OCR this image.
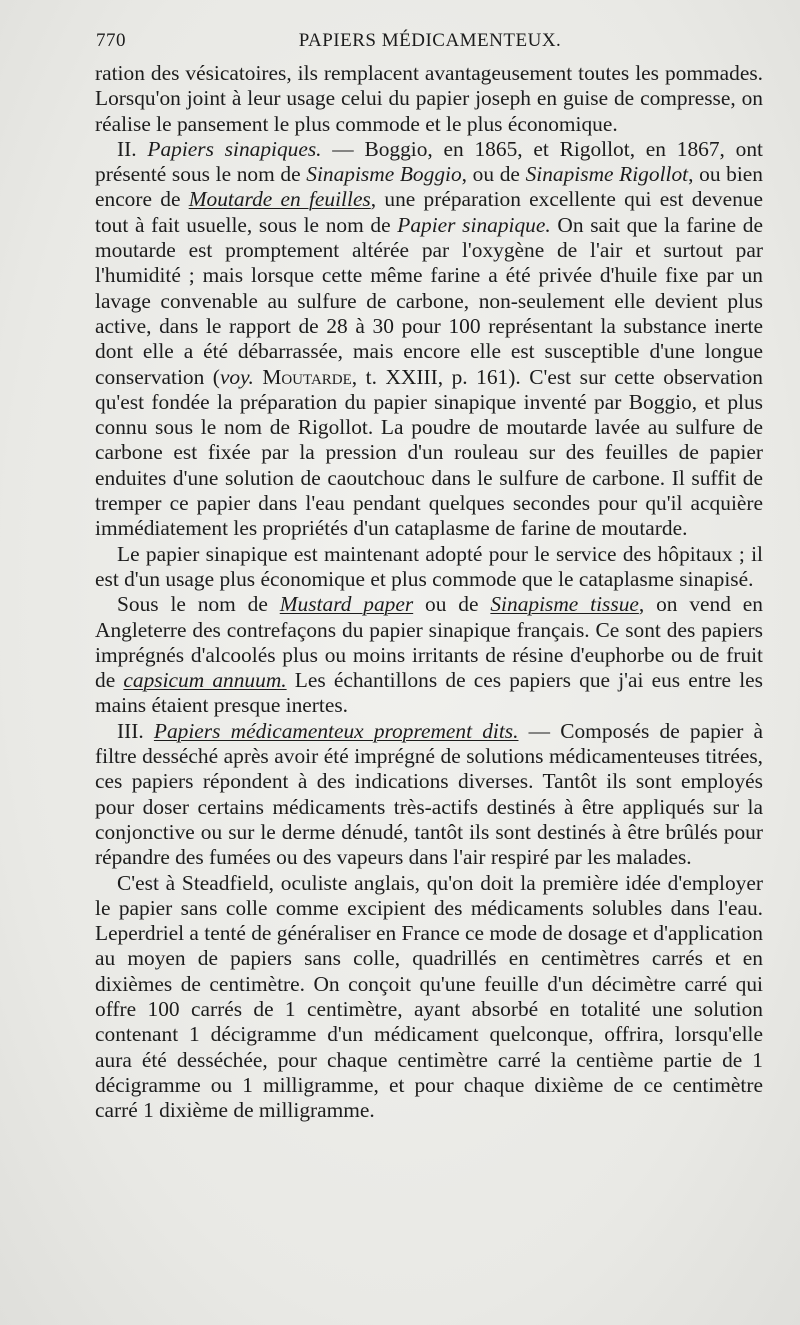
770	PAPIERS MÉDICAMENTEUX.

ration des vésicatoires, ils remplacent avantageusement toutes les pommades. Lorsqu'on joint à leur usage celui du papier joseph en guise de compresse, on réalise le pansement le plus commode et le plus économique.

II. Papiers sinapiques. — Boggio, en 1865, et Rigollot, en 1867, ont présenté sous le nom de Sinapisme Boggio, ou de Sinapisme Rigollot, ou bien encore de Moutarde en feuilles, une préparation excellente qui est devenue tout à fait usuelle, sous le nom de Papier sinapique. On sait que la farine de moutarde est promptement altérée par l'oxygène de l'air et surtout par l'humidité ; mais lorsque cette même farine a été privée d'huile fixe par un lavage convenable au sulfure de carbone, non-seulement elle devient plus active, dans le rapport de 28 à 30 pour 100 représentant la substance inerte dont elle a été débarrassée, mais encore elle est susceptible d'une longue conservation (voy. Moutarde, t. XXIII, p. 161). C'est sur cette observation qu'est fondée la préparation du papier sinapique inventé par Boggio, et plus connu sous le nom de Rigollot. La poudre de moutarde lavée au sulfure de carbone est fixée par la pression d'un rouleau sur des feuilles de papier enduites d'une solution de caoutchouc dans le sulfure de carbone. Il suffit de tremper ce papier dans l'eau pendant quelques secondes pour qu'il acquière immédiatement les propriétés d'un cataplasme de farine de moutarde.

Le papier sinapique est maintenant adopté pour le service des hôpitaux ; il est d'un usage plus économique et plus commode que le cataplasme sinapisé.

Sous le nom de Mustard paper ou de Sinapisme tissue, on vend en Angleterre des contrefaçons du papier sinapique français. Ce sont des papiers imprégnés d'alcoolés plus ou moins irritants de résine d'euphorbe ou de fruit de capsicum annuum. Les échantillons de ces papiers que j'ai eus entre les mains étaient presque inertes.

III. Papiers médicamenteux proprement dits. — Composés de papier à filtre desséché après avoir été imprégné de solutions médicamenteuses titrées, ces papiers répondent à des indications diverses. Tantôt ils sont employés pour doser certains médicaments très-actifs destinés à être appliqués sur la conjonctive ou sur le derme dénudé, tantôt ils sont destinés à être brûlés pour répandre des fumées ou des vapeurs dans l'air respiré par les malades.

C'est à Steadfield, oculiste anglais, qu'on doit la première idée d'employer le papier sans colle comme excipient des médicaments solubles dans l'eau. Leperdriel a tenté de généraliser en France ce mode de dosage et d'application au moyen de papiers sans colle, quadrillés en centimètres carrés et en dixièmes de centimètre. On conçoit qu'une feuille d'un décimètre carré qui offre 100 carrés de 1 centimètre, ayant absorbé en totalité une solution contenant 1 décigramme d'un médicament quelconque, offrira, lorsqu'elle aura été desséchée, pour chaque centimètre carré la centième partie de 1 décigramme ou 1 milligramme, et pour chaque dixième de ce centimètre carré 1 dixième de milligramme.
